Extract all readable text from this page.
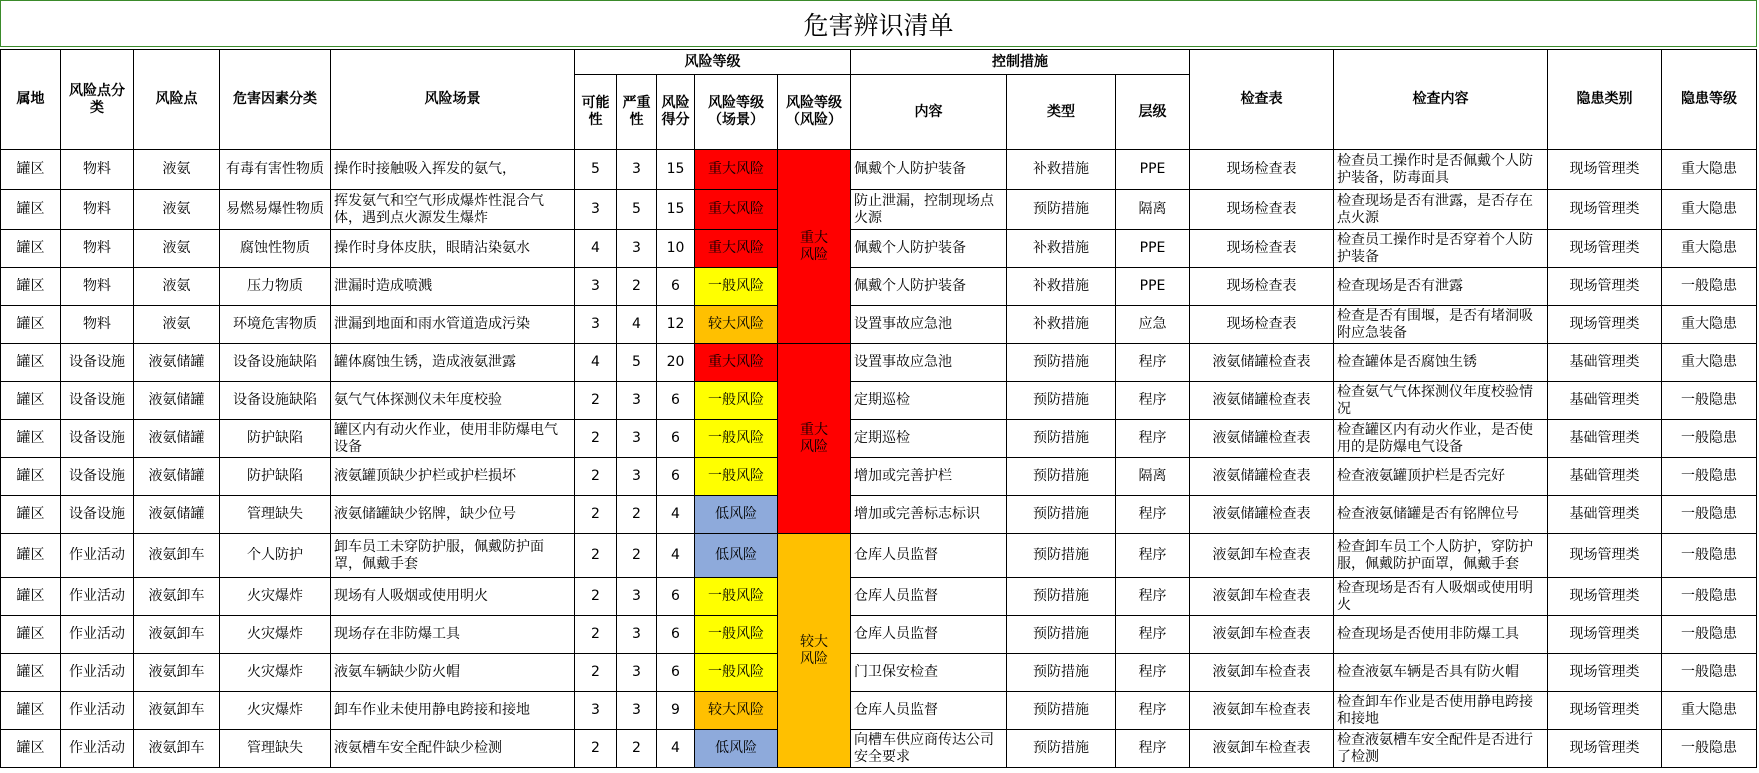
危害辨识清单
属地	风险点分类	风险点	危害因素分类	风险场景	风险等级					控制措施			检查表	检查内容	隐患类别	隐患等级
					可能性	严重性	风险得分	风险等级（场景）	风险等级（风险）	内容	类型	层级				

罐区	物料	液氨	有毒有害性物质	操作时接触吸入挥发的氨气，	5	3	15	重大风险	重大风险	佩戴个人防护装备	补救措施	PPE	现场检查表	检查员工操作时是否佩戴个人防护装备，防毒面具	现场管理类	重大隐患

罐区	物料	液氨	易燃易爆性物质	挥发氨气和空气形成爆炸性混合气体，遇到点火源发生爆炸	3	5	15	重大风险		防止泄漏，控制现场点火源	预防措施	隔离	现场检查表	检查现场是否有泄露，是否存在点火源	现场管理类	重大隐患

罐区	物料	液氨	腐蚀性物质	操作时身体皮肤，眼睛沾染氨水	4	3	10	重大风险		佩戴个人防护装备	补救措施	PPE	现场检查表	检查员工操作时是否穿着个人防护装备	现场管理类	重大隐患

罐区	物料	液氨	压力物质	泄漏时造成喷溅	3	2	6	一般风险		佩戴个人防护装备	补救措施	PPE	现场检查表	检查现场是否有泄露	现场管理类	一般隐患

罐区	物料	液氨	环境危害物质	泄漏到地面和雨水管道造成污染	3	4	12	较大风险		设置事故应急池	补救措施	应急	现场检查表	检查是否有围堰，是否有堵洞吸附应急装备	现场管理类	重大隐患

罐区	设备设施	液氨储罐	设备设施缺陷	罐体腐蚀生锈，造成液氨泄露	4	5	20	重大风险	重大风险	设置事故应急池	预防措施	程序	液氨储罐检查表	检查罐体是否腐蚀生锈	基础管理类	重大隐患

罐区	设备设施	液氨储罐	设备设施缺陷	氨气气体探测仪未年度校验	2	3	6	一般风险		定期巡检	预防措施	程序	液氨储罐检查表	检查氨气气体探测仪年度校验情况	基础管理类	一般隐患

罐区	设备设施	液氨储罐	防护缺陷	罐区内有动火作业，使用非防爆电气设备	2	3	6	一般风险		定期巡检	预防措施	程序	液氨储罐检查表	检查罐区内有动火作业，是否使用的是防爆电气设备	基础管理类	一般隐患

罐区	设备设施	液氨储罐	防护缺陷	液氨罐顶缺少护栏或护栏损坏	2	3	6	一般风险		增加或完善护栏	预防措施	隔离	液氨储罐检查表	检查液氨罐顶护栏是否完好	基础管理类	一般隐患

罐区	设备设施	液氨储罐	管理缺失	液氨储罐缺少铭牌，缺少位号	2	2	4	低风险		增加或完善标志标识	预防措施	程序	液氨储罐检查表	检查液氨储罐是否有铭牌位号	基础管理类	一般隐患

罐区	作业活动	液氨卸车	个人防护	卸车员工未穿防护服，佩戴防护面罩，佩戴手套	2	2	4	低风险	较大风险	仓库人员监督	预防措施	程序	液氨卸车检查表	检查卸车员工个人防护，穿防护服，佩戴防护面罩，佩戴手套	现场管理类	一般隐患

罐区	作业活动	液氨卸车	火灾爆炸	现场有人吸烟或使用明火	2	3	6	一般风险		仓库人员监督	预防措施	程序	液氨卸车检查表	检查现场是否有人吸烟或使用明火	现场管理类	一般隐患

罐区	作业活动	液氨卸车	火灾爆炸	现场存在非防爆工具	2	3	6	一般风险		仓库人员监督	预防措施	程序	液氨卸车检查表	检查现场是否使用非防爆工具	现场管理类	一般隐患

罐区	作业活动	液氨卸车	火灾爆炸	液氨车辆缺少防火帽	2	3	6	一般风险		门卫保安检查	预防措施	程序	液氨卸车检查表	检查液氨车辆是否具有防火帽	现场管理类	一般隐患

罐区	作业活动	液氨卸车	火灾爆炸	卸车作业未使用静电跨接和接地	3	3	9	较大风险		仓库人员监督	预防措施	程序	液氨卸车检查表	检查卸车作业是否使用静电跨接和接地	现场管理类	重大隐患

罐区	作业活动	液氨卸车	管理缺失	液氨槽车安全配件缺少检测	2	2	4	低风险		向槽车供应商传达公司安全要求	预防措施	程序	液氨卸车检查表	检查液氨槽车安全配件是否进行了检测	现场管理类	一般隐患
